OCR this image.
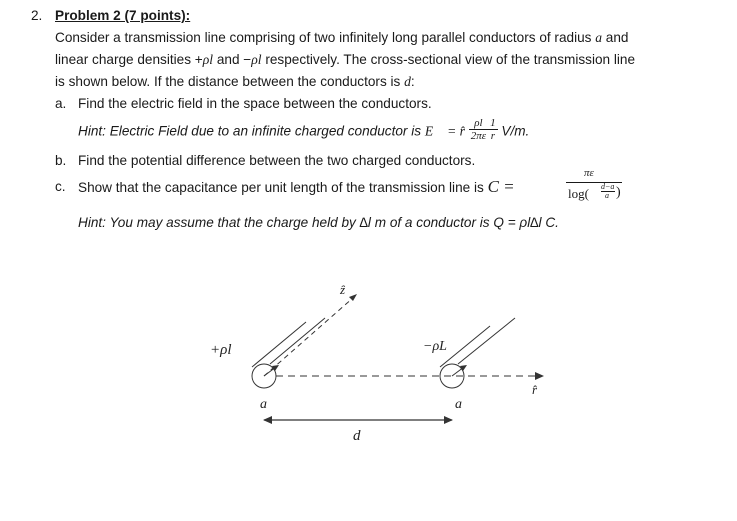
2. Problem 2 (7 points):
Consider a transmission line comprising of two infinitely long parallel conductors of radius a and
linear charge densities +ρl and −ρl respectively. The cross-sectional view of the transmission line
is shown below. If the distance between the conductors is d:
a. Find the electric field in the space between the conductors.
Hint: Electric Field due to an infinite charged conductor is E⃗ = r̂ $\frac{\rho l}{2\pi\varepsilon} \frac{1}{r} V/m$.
b. Find the potential difference between the two charged conductors.
c. Show that the capacitance per unit length of the transmission line is C =
πε
log( d−a
a )
Hint: You may assume that the charge held by ∆l m of a conductor is Q = ρl∆l C.
ẑ
+ρl	−ρL
r̂
a	a
d
